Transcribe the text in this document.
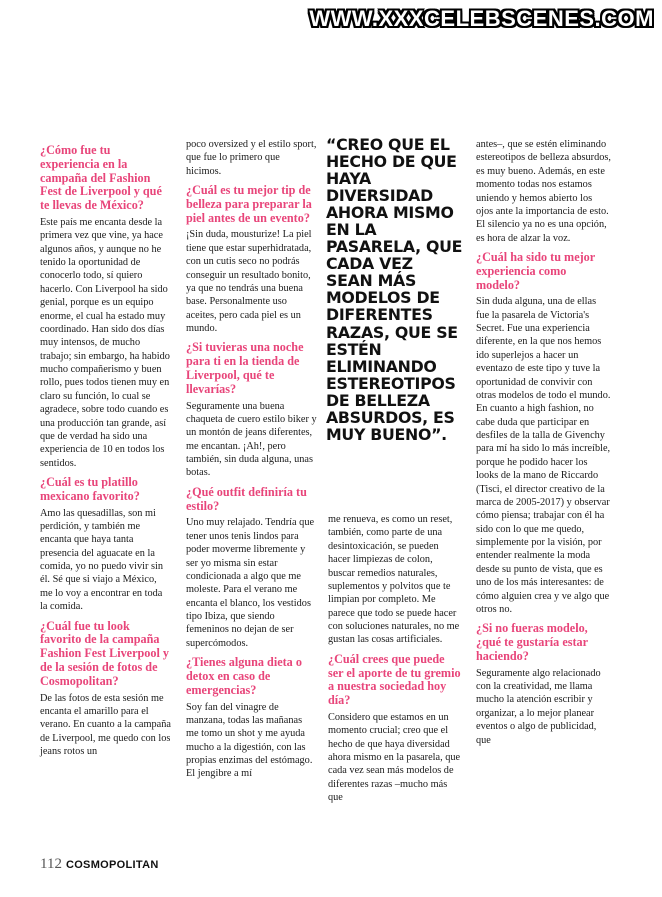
WWW.XXXCELEBSCENES.COM
¿Cómo fue tu experiencia en la campaña del Fashion Fest de Liverpool y qué te llevas de México?

Este país me encanta desde la primera vez que vine, ya hace algunos años, y aunque no he tenido la oportunidad de conocerlo todo, sí quiero hacerlo. Con Liverpool ha sido genial, porque es un equipo enorme, el cual ha estado muy coordinado. Han sido dos días muy intensos, de mucho trabajo; sin embargo, ha habido mucho compañerismo y buen rollo, pues todos tienen muy en claro su función, lo cual se agradece, sobre todo cuando es una producción tan grande, así que de verdad ha sido una experiencia de 10 en todos los sentidos.

¿Cuál es tu platillo mexicano favorito?

Amo las quesadillas, son mi perdición, y también me encanta que haya tanta presencia del aguacate en la comida, yo no puedo vivir sin él. Sé que si viajo a México, me lo voy a encontrar en toda la comida.

¿Cuál fue tu look favorito de la campaña Fashion Fest Liverpool y de la sesión de fotos de Cosmopolitan?

De las fotos de esta sesión me encanta el amarillo para el verano. En cuanto a la campaña de Liverpool, me quedo con los jeans rotos un

poco oversized y el estilo sport, que fue lo primero que hicimos.

¿Cuál es tu mejor tip de belleza para preparar la piel antes de un evento?

¡Sin duda, mousturize! La piel tiene que estar superhidratada, con un cutis seco no podrás conseguir un resultado bonito, ya que no tendrás una buena base. Personalmente uso aceites, pero cada piel es un mundo.

¿Si tuvieras una noche para ti en la tienda de Liverpool, qué te llevarías?

Seguramente una buena chaqueta de cuero estilo biker y un montón de jeans diferentes, me encantan. ¡Ah!, pero también, sin duda alguna, unas botas.

¿Qué outfit definiría tu estilo?

Uno muy relajado. Tendría que tener unos tenis lindos para poder moverme libremente y ser yo misma sin estar condicionada a algo que me moleste. Para el verano me encanta el blanco, los vestidos tipo Ibiza, que siendo femeninos no dejan de ser supercómodos.

¿Tienes alguna dieta o detox en caso de emergencias?

Soy fan del vinagre de manzana, todas las mañanas me tomo un shot y me ayuda mucho a la digestión, con las propias enzimas del estómago. El jengibre a mí

“CREO QUE EL HECHO DE QUE HAYA DIVERSIDAD AHORA MISMO EN LA PASARELA, QUE CADA VEZ SEAN MÁS MODELOS DE DIFERENTES RAZAS, QUE SE ESTÉN ELIMINANDO ESTEREOTIPOS DE BELLEZA ABSURDOS, ES MUY BUENO”.

me renueva, es como un reset, también, como parte de una desintoxicación, se pueden hacer limpiezas de colon, buscar remedios naturales, suplementos y polvitos que te limpian por completo. Me parece que todo se puede hacer con soluciones naturales, no me gustan las cosas artificiales.

¿Cuál crees que puede ser el aporte de tu gremio a nuestra sociedad hoy día?

Considero que estamos en un momento crucial; creo que el hecho de que haya diversidad ahora mismo en la pasarela, que cada vez sean más modelos de diferentes razas –mucho más que

antes–, que se estén eliminando estereotipos de belleza absurdos, es muy bueno. Además, en este momento todas nos estamos uniendo y hemos abierto los ojos ante la importancia de esto. El silencio ya no es una opción, es hora de alzar la voz.

¿Cuál ha sido tu mejor experiencia como modelo?

Sin duda alguna, una de ellas fue la pasarela de Victoria's Secret. Fue una experiencia diferente, en la que nos hemos ido superlejos a hacer un eventazo de este tipo y tuve la oportunidad de convivir con otras modelos de todo el mundo. En cuanto a high fashion, no cabe duda que participar en desfiles de la talla de Givenchy para mí ha sido lo más increíble, porque he podido hacer los looks de la mano de Riccardo (Tisci, el director creativo de la marca de 2005-2017) y observar cómo piensa; trabajar con él ha sido con lo que me quedo, simplemente por la visión, por entender realmente la moda desde su punto de vista, que es uno de los más interesantes: de cómo alguien crea y ve algo que otros no.

¿Si no fueras modelo, ¿qué te gustaría estar haciendo?

Seguramente algo relacionado con la creatividad, me llama mucho la atención escribir y organizar, a lo mejor planear eventos o algo de publicidad, que

112 COSMOPOLITAN
